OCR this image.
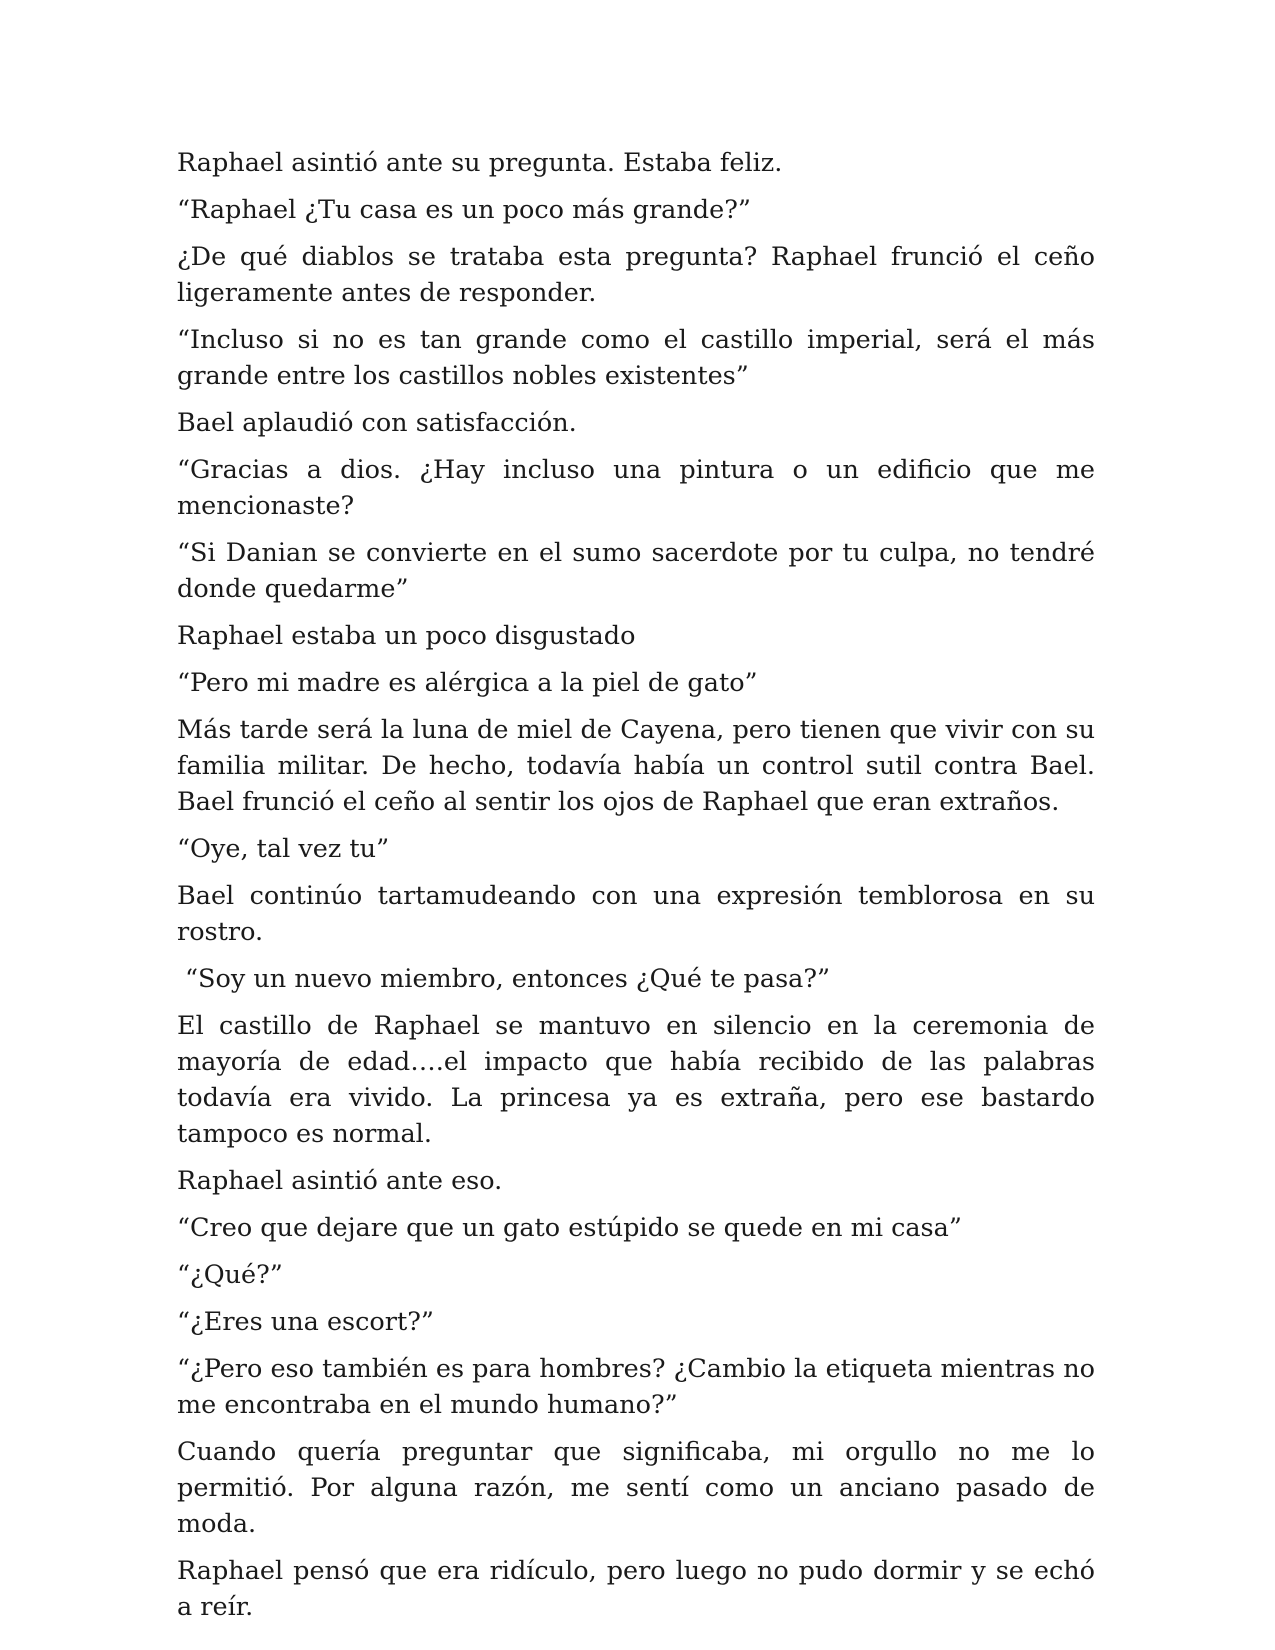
Raphael asintió ante su pregunta. Estaba feliz.

“Raphael ¿Tu casa es un poco más grande?”

¿De qué diablos se trataba esta pregunta? Raphael frunció el ceño ligeramente antes de responder.

“Incluso si no es tan grande como el castillo imperial, será el más grande entre los castillos nobles existentes”

Bael aplaudió con satisfacción.

“Gracias a dios. ¿Hay incluso una pintura o un edificio que me mencionaste?

“Si Danian se convierte en el sumo sacerdote por tu culpa, no tendré donde quedarme”

Raphael estaba un poco disgustado

“Pero mi madre es alérgica a la piel de gato”

Más tarde será la luna de miel de Cayena, pero tienen que vivir con su familia militar. De hecho, todavía había un control sutil contra Bael. Bael frunció el ceño al sentir los ojos de Raphael que eran extraños.

“Oye, tal vez tu”

Bael continúo tartamudeando con una expresión temblorosa en su rostro.

“Soy un nuevo miembro, entonces ¿Qué te pasa?”

El castillo de Raphael se mantuvo en silencio en la ceremonia de mayoría de edad….el impacto que había recibido de las palabras todavía era vivido. La princesa ya es extraña, pero ese bastardo tampoco es normal.

Raphael asintió ante eso.

“Creo que dejare que un gato estúpido se quede en mi casa”

“¿Qué?”

“¿Eres una escort?”

“¿Pero eso también es para hombres? ¿Cambio la etiqueta mientras no me encontraba en el mundo humano?”

Cuando quería preguntar que significaba, mi orgullo no me lo permitió. Por alguna razón, me sentí como un anciano pasado de moda.

Raphael pensó que era ridículo, pero luego no pudo dormir y se echó a reír.
